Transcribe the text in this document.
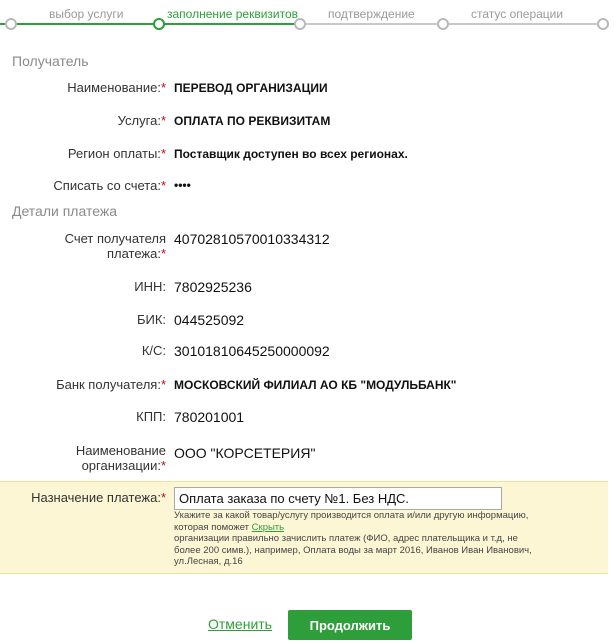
выбор услуги	заполнение реквизитов подтверждение	статус операции
Получатель
Наименование:* ПЕРЕВОД ОРГАНИЗАЦИИ
Услуга:* ОПЛАТА ПО РЕКВИЗИТАМ
Регион оплаты:* Поставщик доступен во всех регионах.
Списать со счета:* ••••
Детали платежа
Счет получателя
платежа:*
40702810570010334312
ИНН: 7802925236
БИК: 044525092
К/С: 30101810645250000092
Банк получателя:* МОСКОВСКИЙ ФИЛИАЛ АО КБ "МОДУЛЬБАНК"
КПП: 780201001
Наименование
организации:*
ООО "КОРСЕТЕРИЯ"
Назначение платежа:*
Оплата заказа по счету №1. Без НДС.
Укажите за какой товар/услугу производится оплата и/или другую информацию,
которая поможет Скрыть
организации правильно зачислить платеж (ФИО, адрес плательщика и т.д, не
более 200 симв.), например, Оплата воды за март 2016, Иванов Иван Иванович,
ул.Лесная, д.16
Отменить	Продолжить
